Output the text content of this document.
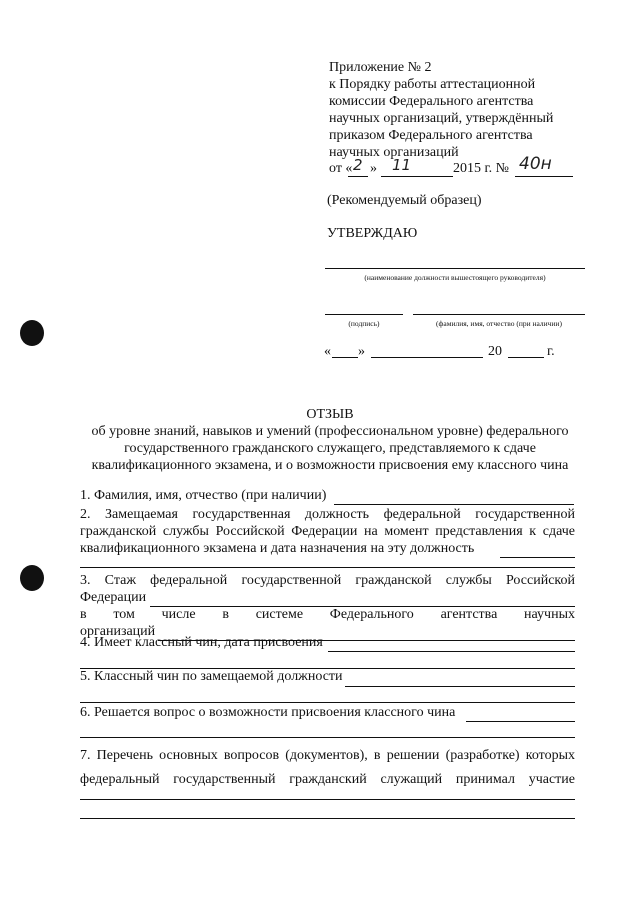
Приложение № 2
к Порядку работы аттестационной
комиссии Федерального агентства
научных организаций, утверждённый
приказом Федерального агентства
научных организаций
от « 2 » 11	2015 г. № 40н
(Рекомендуемый образец)
УТВЕРЖДАЮ
(наименование должности вышестоящего руководителя)
(подпись)	(фамилия, имя, отчество (при наличии)
« »	20	г.
ОТЗЫВ
об уровне знаний, навыков и умений (профессиональном уровне) федерального
государственного гражданского служащего, представляемого к сдаче
квалификационного экзамена, и о возможности присвоения ему классного чина
1. Фамилия, имя, отчество (при наличии)
2. Замещаемая государственная должность федеральной государственной
гражданской службы Российской Федерации на момент представления к сдаче
квалификационного экзамена и дата назначения на эту должность
3. Стаж федеральной государственной гражданской службы Российской
Федерации
в том числе в системе Федерального агентства научных
организаций
4. Имеет классный чин, дата присвоения
5. Классный чин по замещаемой должности
6. Решается вопрос о возможности присвоения классного чина
7. Перечень основных вопросов (документов), в решении (разработке) которых
федеральный государственный гражданский служащий принимал участие
